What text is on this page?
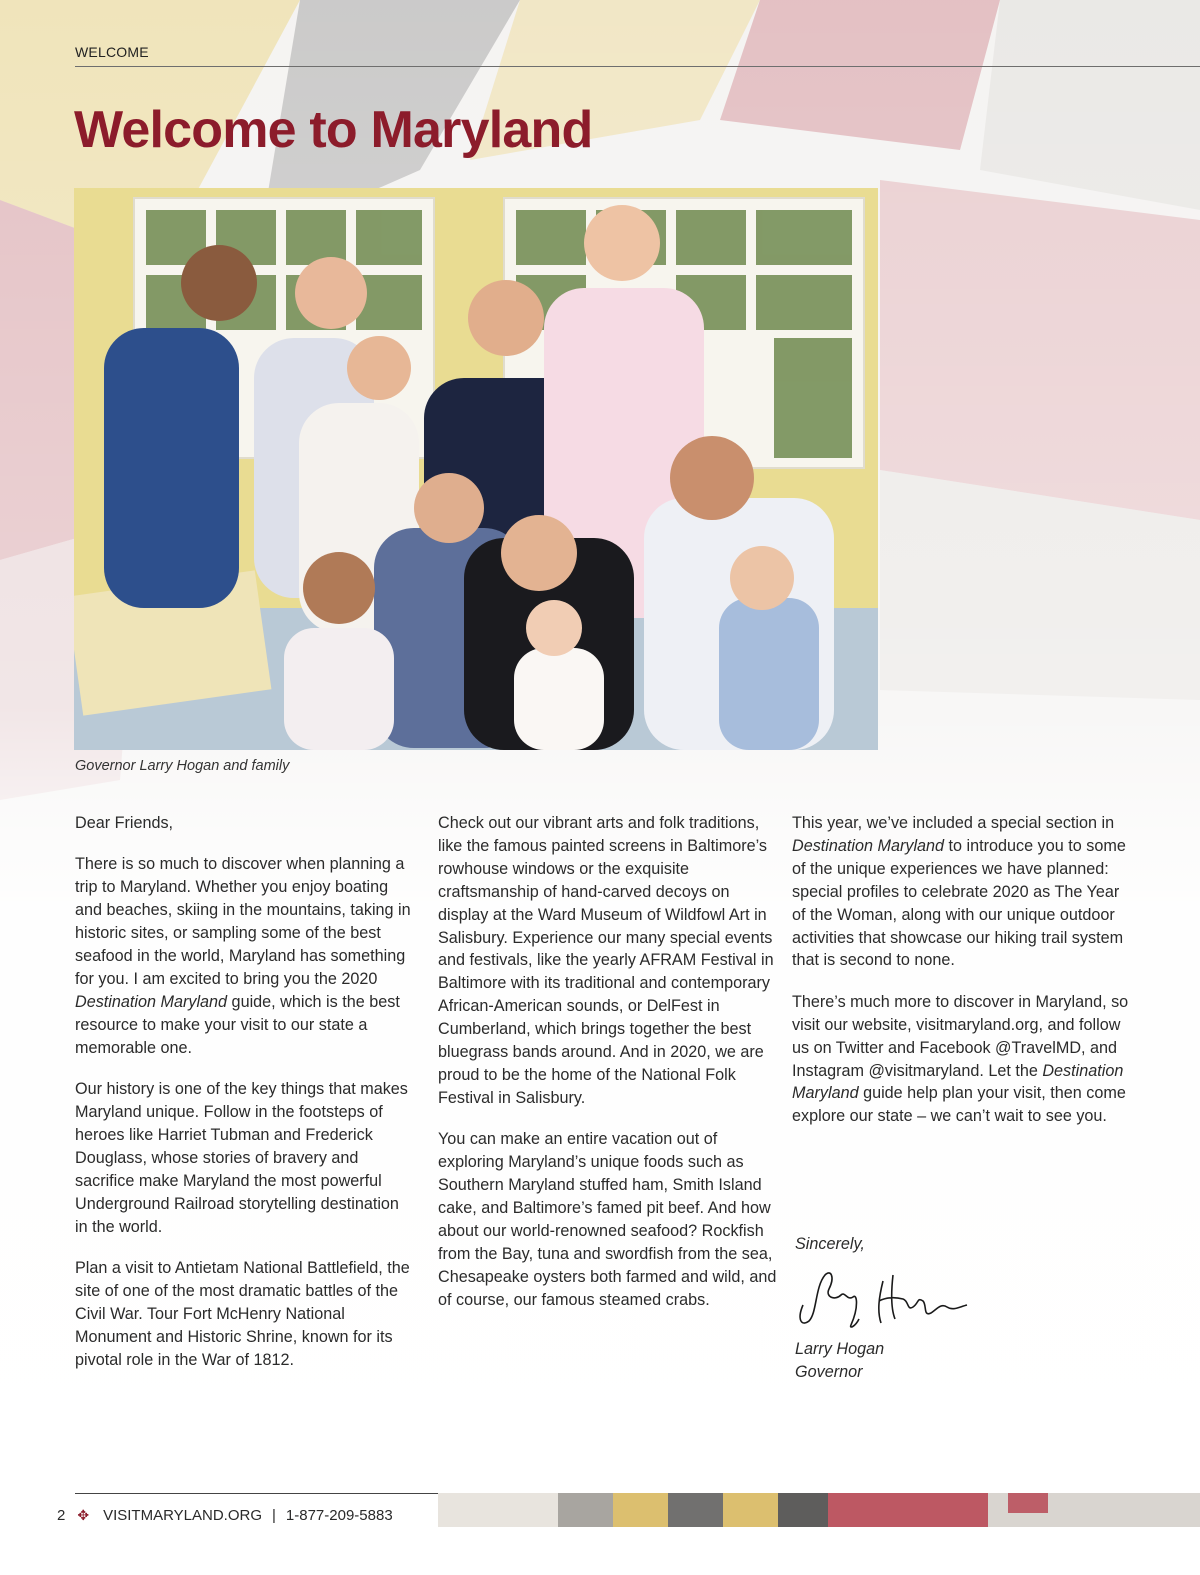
WELCOME
Welcome to Maryland
Governor Larry Hogan and family

Dear Friends,

There is so much to discover when planning a trip to Maryland. Whether you enjoy boating and beaches, skiing in the mountains, taking in historic sites, or sampling some of the best seafood in the world, Maryland has something for you. I am excited to bring you the 2020 Destination Maryland guide, which is the best resource to make your visit to our state a memorable one.

Our history is one of the key things that makes Maryland unique. Follow in the footsteps of heroes like Harriet Tubman and Frederick Douglass, whose stories of bravery and sacrifice make Maryland the most powerful Underground Railroad storytelling destination in the world.

Plan a visit to Antietam National Battlefield, the site of one of the most dramatic battles of the Civil War. Tour Fort McHenry National Monument and Historic Shrine, known for its pivotal role in the War of 1812.

Check out our vibrant arts and folk traditions, like the famous painted screens in Baltimore’s rowhouse windows or the exquisite craftsmanship of hand-carved decoys on display at the Ward Museum of Wildfowl Art in Salisbury. Experience our many special events and festivals, like the yearly AFRAM Festival in Baltimore with its traditional and contemporary African-American sounds, or DelFest in Cumberland, which brings together the best bluegrass bands around. And in 2020, we are proud to be the home of the National Folk Festival in Salisbury.

You can make an entire vacation out of exploring Maryland’s unique foods such as Southern Maryland stuffed ham, Smith Island cake, and Baltimore’s famed pit beef. And how about our world-renowned seafood? Rockfish from the Bay, tuna and swordfish from the sea, Chesapeake oysters both farmed and wild, and of course, our famous steamed crabs.

This year, we’ve included a special section in Destination Maryland to introduce you to some of the unique experiences we have planned: special profiles to celebrate 2020 as The Year of the Woman, along with our unique outdoor activities that showcase our hiking trail system that is second to none.

There’s much more to discover in Maryland, so visit our website, visitmaryland.org, and follow us on Twitter and Facebook @TravelMD, and Instagram @visitmaryland. Let the Destination Maryland guide help plan your visit, then come explore our state – we can’t wait to see you.

Sincerely,
Larry Hogan
Governor
2 ✥ VISITMARYLAND.ORG | 1-877-209-5883
